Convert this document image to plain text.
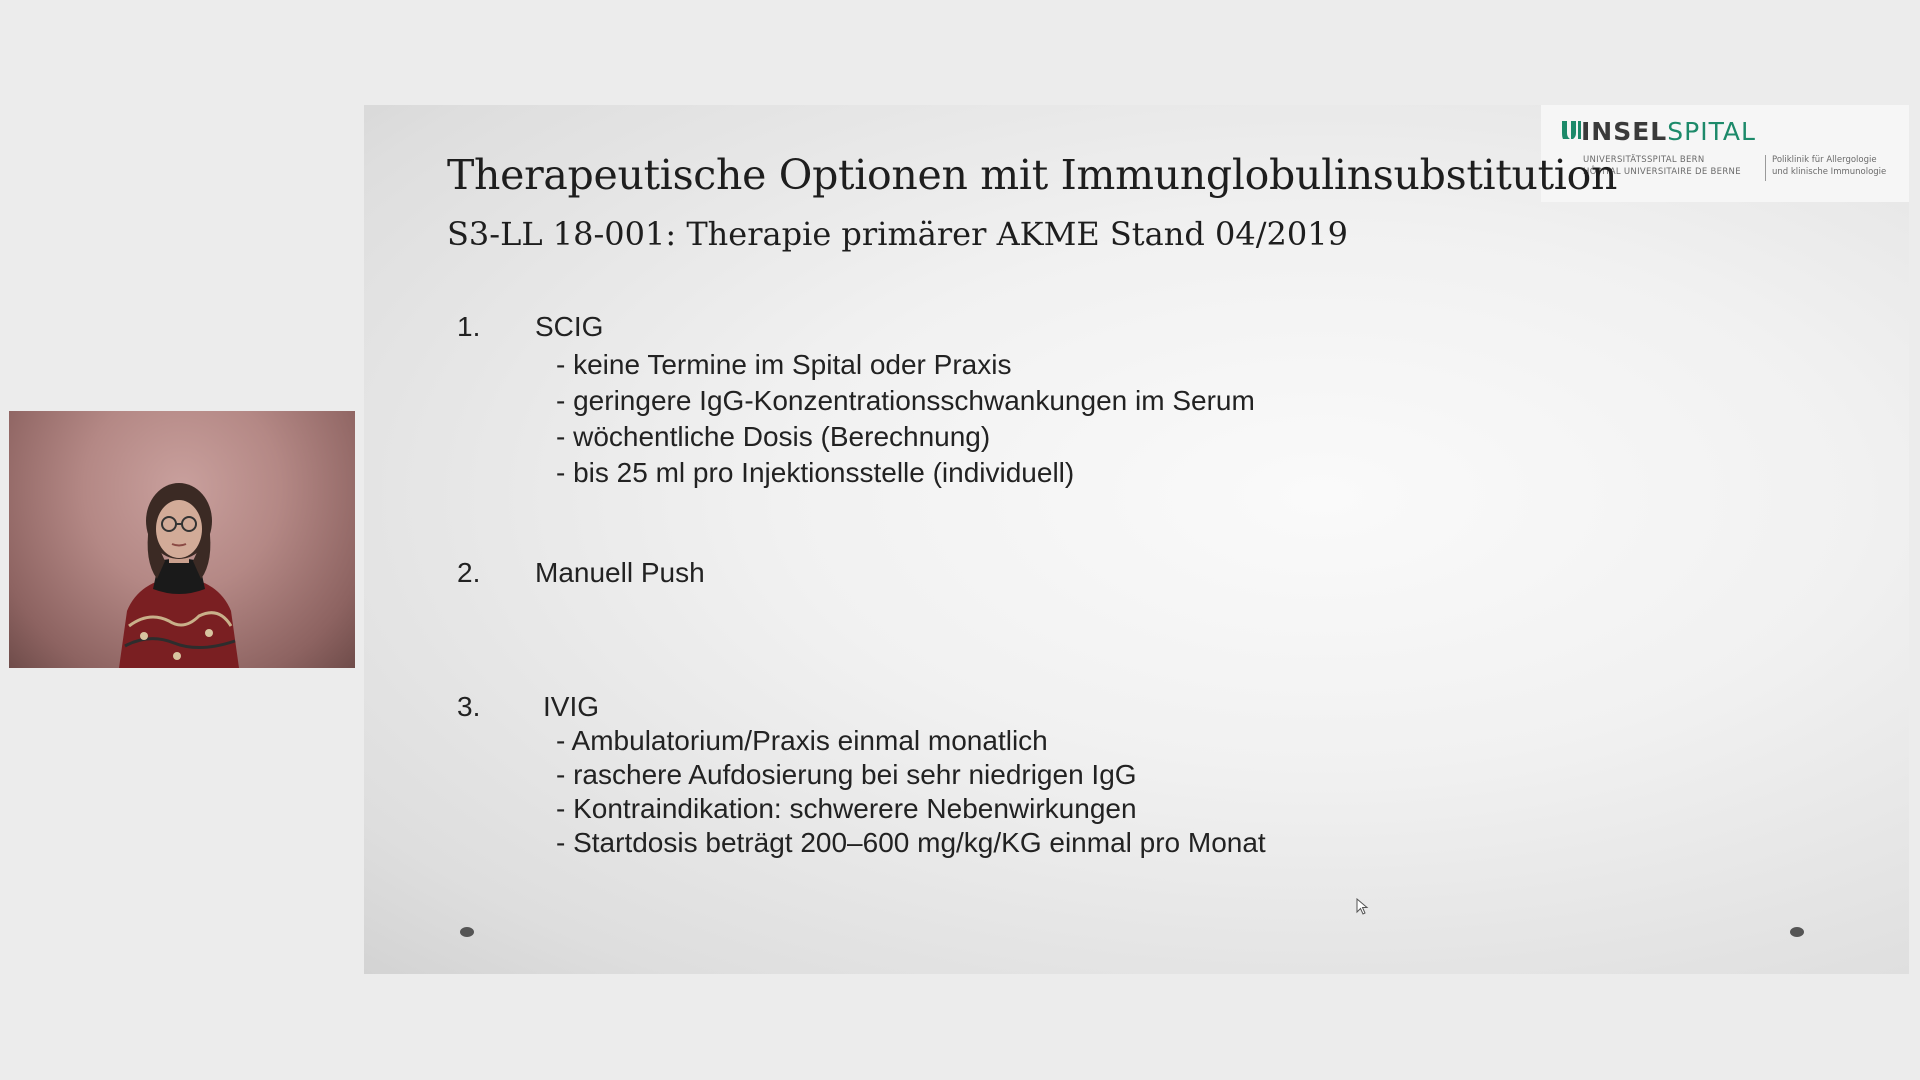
INSELSPITAL
UNIVERSITÄTSSPITAL BERN
HÔPITAL UNIVERSITAIRE DE BERNE
Poliklinik für Allergologie
und klinische Immunologie
Therapeutische Optionen mit Immunglobulinsubstitution
S3-LL 18-001: Therapie primärer AKME Stand 04/2019
1. SCIG
- keine Termine im Spital oder Praxis
- geringere IgG-Konzentrationsschwankungen im Serum
- wöchentliche Dosis (Berechnung)
- bis 25 ml pro Injektionsstelle (individuell)
2. Manuell Push
3. IVIG
- Ambulatorium/Praxis einmal monatlich
- raschere Aufdosierung bei sehr niedrigen IgG
- Kontraindikation: schwerere Nebenwirkungen
- Startdosis beträgt 200–600 mg/kg/KG einmal pro Monat
